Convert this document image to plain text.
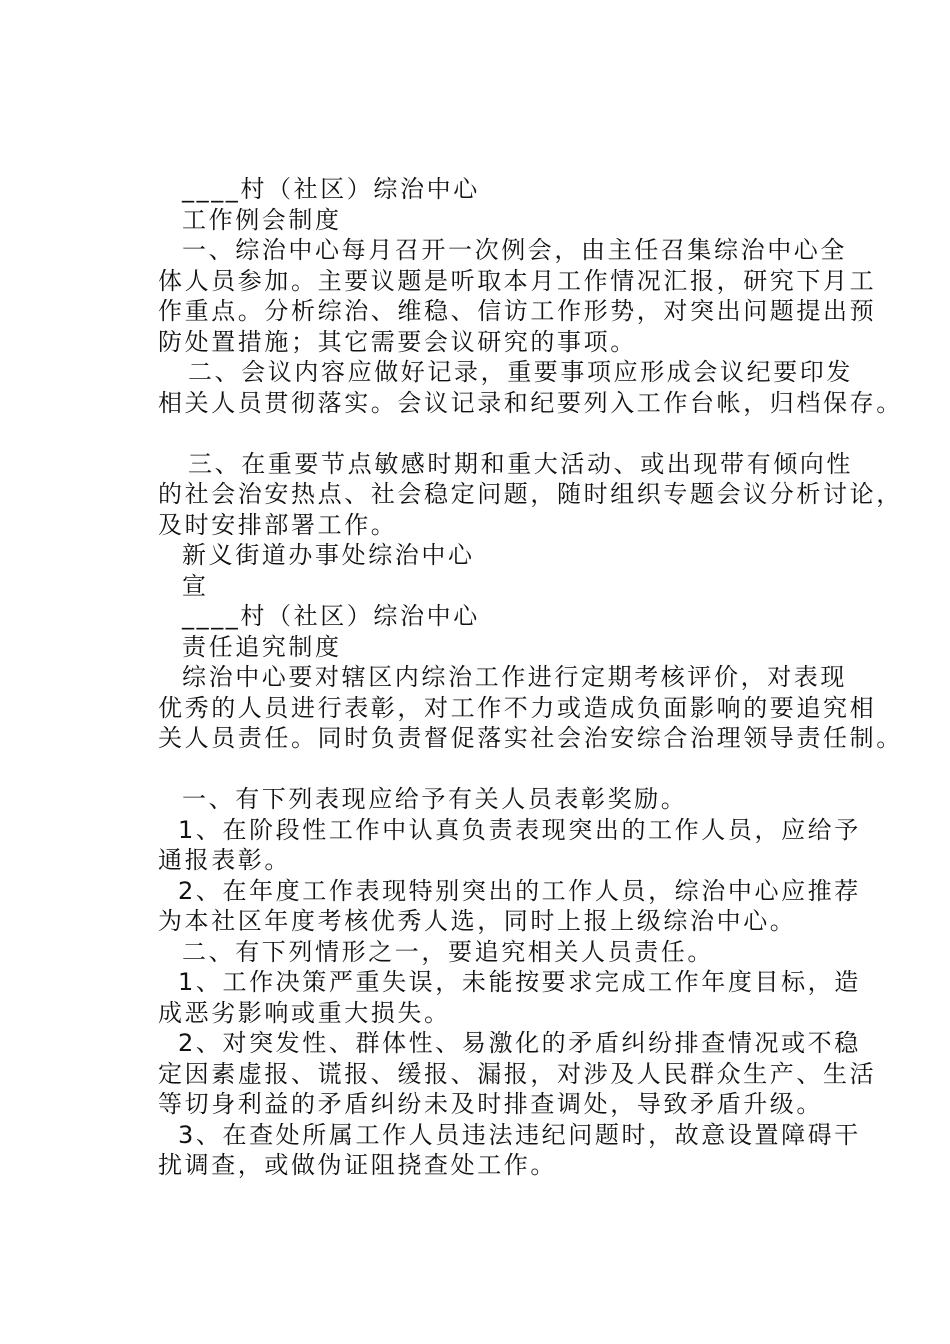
____村（社区）综治中心
工作例会制度
一、综治中心每月召开一次例会，由主任召集综治中心全
体人员参加。主要议题是听取本月工作情况汇报，研究下月工
作重点。分析综治、维稳、信访工作形势，对突出问题提出预
防处置措施；其它需要会议研究的事项。
二、会议内容应做好记录，重要事项应形成会议纪要印发
相关人员贯彻落实。会议记录和纪要列入工作台帐，归档保存。
三、在重要节点敏感时期和重大活动、或出现带有倾向性
的社会治安热点、社会稳定问题，随时组织专题会议分析讨论，
及时安排部署工作。
新义街道办事处综治中心
宣
____村（社区）综治中心
责任追究制度
综治中心要对辖区内综治工作进行定期考核评价，对表现
优秀的人员进行表彰，对工作不力或造成负面影响的要追究相
关人员责任。同时负责督促落实社会治安综合治理领导责任制。
一、有下列表现应给予有关人员表彰奖励。
1、在阶段性工作中认真负责表现突出的工作人员，应给予
通报表彰。
2、在年度工作表现特别突出的工作人员，综治中心应推荐
为本社区年度考核优秀人选，同时上报上级综治中心。
二、有下列情形之一，要追究相关人员责任。
1、工作决策严重失误，未能按要求完成工作年度目标，造
成恶劣影响或重大损失。
2、对突发性、群体性、易激化的矛盾纠纷排查情况或不稳
定因素虚报、谎报、缓报、漏报，对涉及人民群众生产、生活
等切身利益的矛盾纠纷未及时排查调处，导致矛盾升级。
3、在查处所属工作人员违法违纪问题时，故意设置障碍干
扰调查，或做伪证阻挠查处工作。
